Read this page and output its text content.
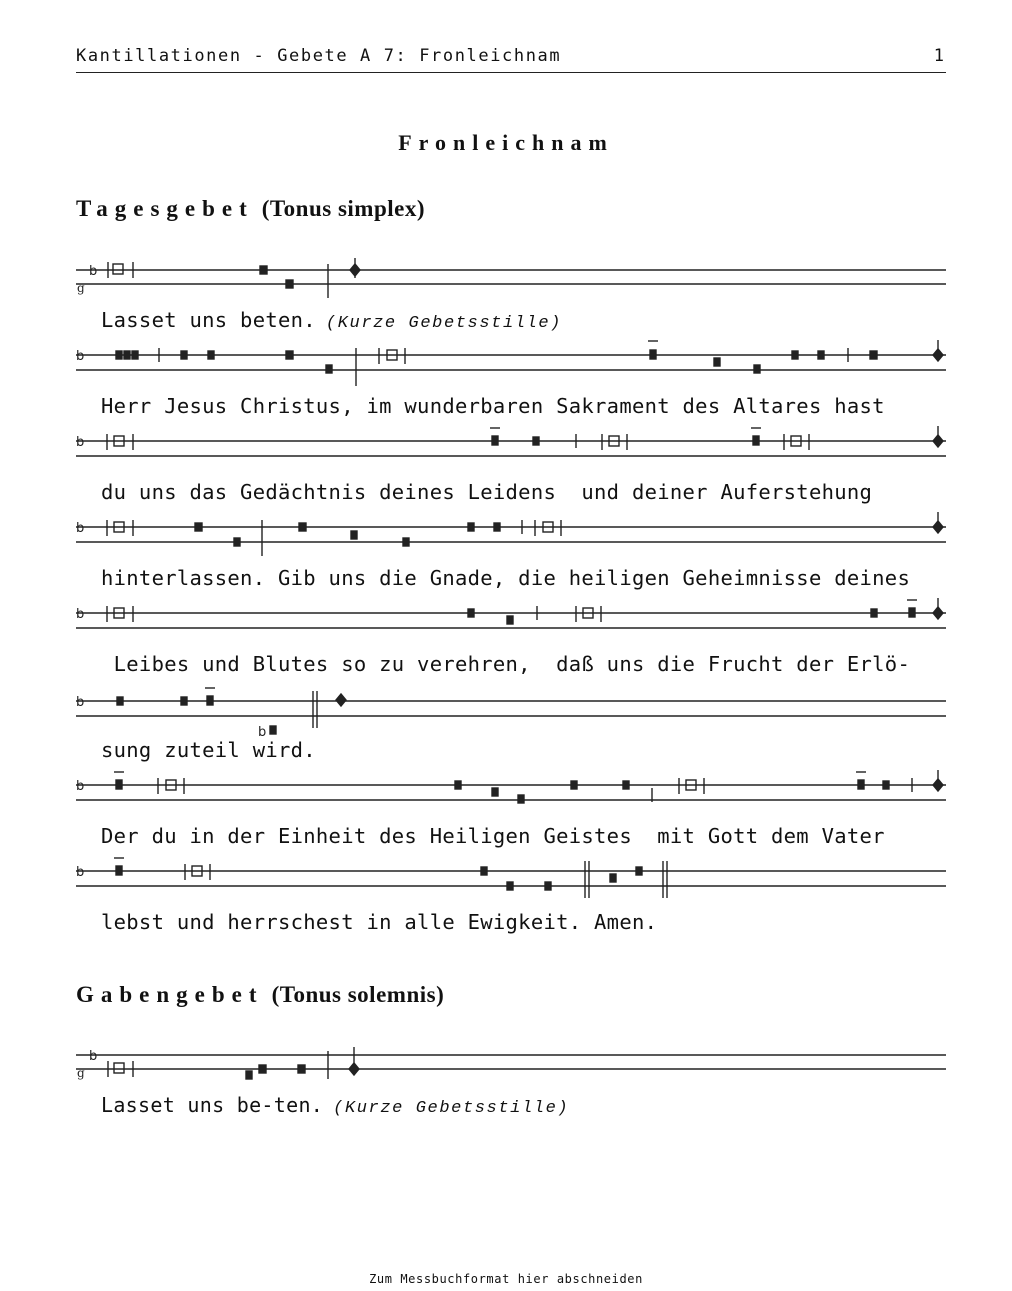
Kantillationen - Gebete A 7: Fronleichnam	1
Fronleichnam
Tagesgebet (Tonus simplex)
b
g
Lasset uns beten. (Kurze Gebetsstille)
b
Herr Jesus Christus, im wunderbaren Sakrament des Altares hast
b
du uns das Gedächtnis deines Leidens  und deiner Auferstehung
b
hinterlassen. Gib uns die Gnade, die heiligen Geheimnisse deines
b
Leibes und Blutes so zu verehren,  daß uns die Frucht der Erlö-
b
b
sung zuteil wird.
b
Der du in der Einheit des Heiligen Geistes  mit Gott dem Vater
b
lebst und herrschest in alle Ewigkeit. Amen.
Gabengebet (Tonus solemnis)
b
g
Lasset uns be-ten. (Kurze Gebetsstille)
Zum Messbuchformat hier abschneiden
